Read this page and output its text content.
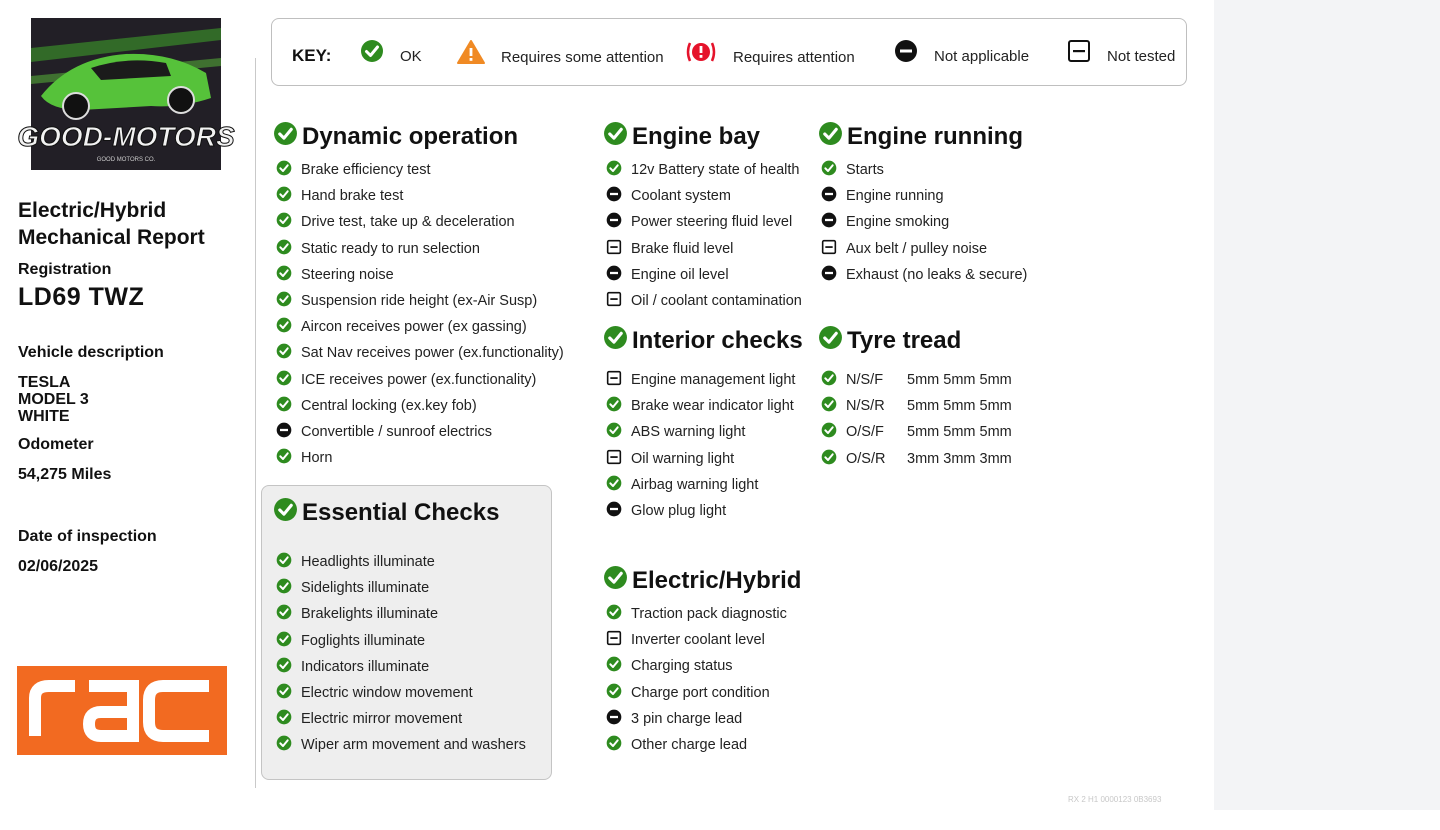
GOOD-MOTORS
GOOD MOTORS CO.
Electric/Hybrid
Mechanical Report
Registration
LD69 TWZ
Vehicle description
TESLA
MODEL 3
WHITE
Odometer
54,275 Miles
Date of inspection
02/06/2025
KEY:	OK	Requires some attention	Requires attention	Not applicable	Not tested
Dynamic operation
Brake efficiency test
Hand brake test
Drive test, take up & deceleration
Static ready to run selection
Steering noise
Suspension ride height (ex-Air Susp)
Aircon receives power (ex gassing)
Sat Nav receives power (ex.functionality)
ICE receives power (ex.functionality)
Central locking (ex.key fob)
Convertible / sunroof electrics
Horn
Essential Checks
Headlights illuminate
Sidelights illuminate
Brakelights illuminate
Foglights illuminate
Indicators illuminate
Electric window movement
Electric mirror movement
Wiper arm movement and washers
Engine bay
12v Battery state of health
Coolant system
Power steering fluid level
Brake fluid level
Engine oil level
Oil / coolant contamination
Interior checks
Engine management light
Brake wear indicator light
ABS warning light
Oil warning light
Airbag warning light
Glow plug light
Electric/Hybrid
Traction pack diagnostic
Inverter coolant level
Charging status
Charge port condition
3 pin charge lead
Other charge lead
Engine running
Starts
Engine running
Engine smoking
Aux belt / pulley noise
Exhaust (no leaks & secure)
Tyre tread
N/S/F	5mm 5mm 5mm
N/S/R	5mm 5mm 5mm
O/S/F	5mm 5mm 5mm
O/S/R	3mm 3mm 3mm
RX 2 H1 0000123 0B3693
